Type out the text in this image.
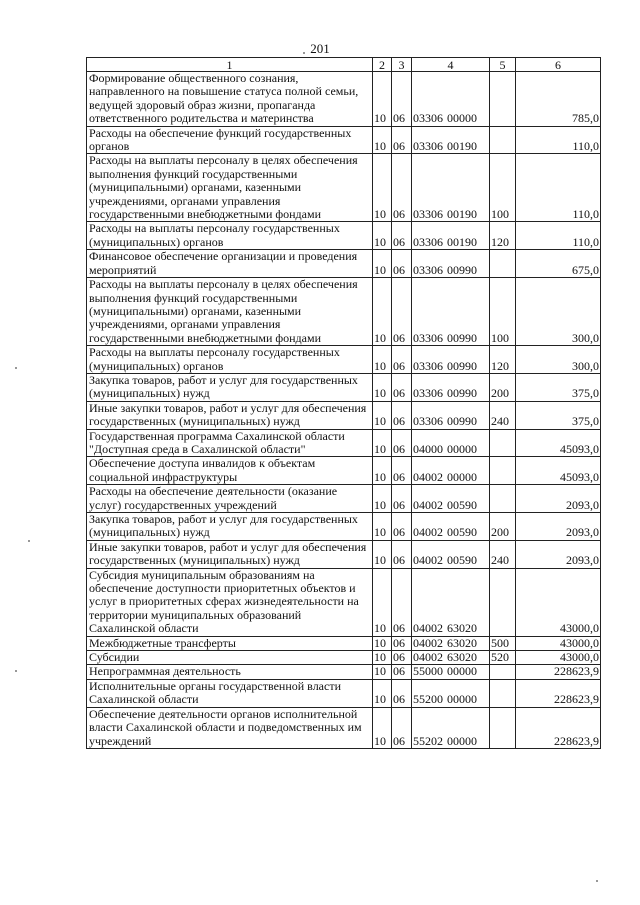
201
1	2	3	4	5	6
Формирование общественного сознания, направленного на повышение статуса полной семьи, ведущей здоровый образ жизни, пропаганда ответственного родительства и материнства	10	06	03306 00000		785,0
Расходы на обеспечение функций государственных органов	10	06	03306 00190		110,0
Расходы на выплаты персоналу в целях обеспечения выполнения функций государственными (муниципальными) органами, казенными учреждениями, органами управления государственными внебюджетными фондами	10	06	03306 00190	100	110,0
Расходы на выплаты персоналу государственных (муниципальных) органов	10	06	03306 00190	120	110,0
Финансовое обеспечение организации и проведения мероприятий	10	06	03306 00990		675,0
Расходы на выплаты персоналу в целях обеспечения выполнения функций государственными (муниципальными) органами, казенными учреждениями, органами управления государственными внебюджетными фондами	10	06	03306 00990	100	300,0
Расходы на выплаты персоналу государственных (муниципальных) органов	10	06	03306 00990	120	300,0
Закупка товаров, работ и услуг для государственных (муниципальных) нужд	10	06	03306 00990	200	375,0
Иные закупки товаров, работ и услуг для обеспечения государственных (муниципальных) нужд	10	06	03306 00990	240	375,0
Государственная программа Сахалинской области "Доступная среда в Сахалинской области"	10	06	04000 00000		45093,0
Обеспечение доступа инвалидов к объектам социальной инфраструктуры	10	06	04002 00000		45093,0
Расходы на обеспечение деятельности (оказание услуг) государственных учреждений	10	06	04002 00590		2093,0
Закупка товаров, работ и услуг для государственных (муниципальных) нужд	10	06	04002 00590	200	2093,0
Иные закупки товаров, работ и услуг для обеспечения государственных (муниципальных) нужд	10	06	04002 00590	240	2093,0
Субсидия муниципальным образованиям на обеспечение доступности приоритетных объектов и услуг в приоритетных сферах жизнедеятельности на территории муниципальных образований Сахалинской области	10	06	04002 63020		43000,0
Межбюджетные трансферты	10	06	04002 63020	500	43000,0
Субсидии	10	06	04002 63020	520	43000,0
Непрограммная деятельность	10	06	55000 00000		228623,9
Исполнительные органы государственной власти Сахалинской области	10	06	55200 00000		228623,9
Обеспечение деятельности органов исполнительной власти Сахалинской области и подведомственных им учреждений	10	06	55202 00000		228623,9
